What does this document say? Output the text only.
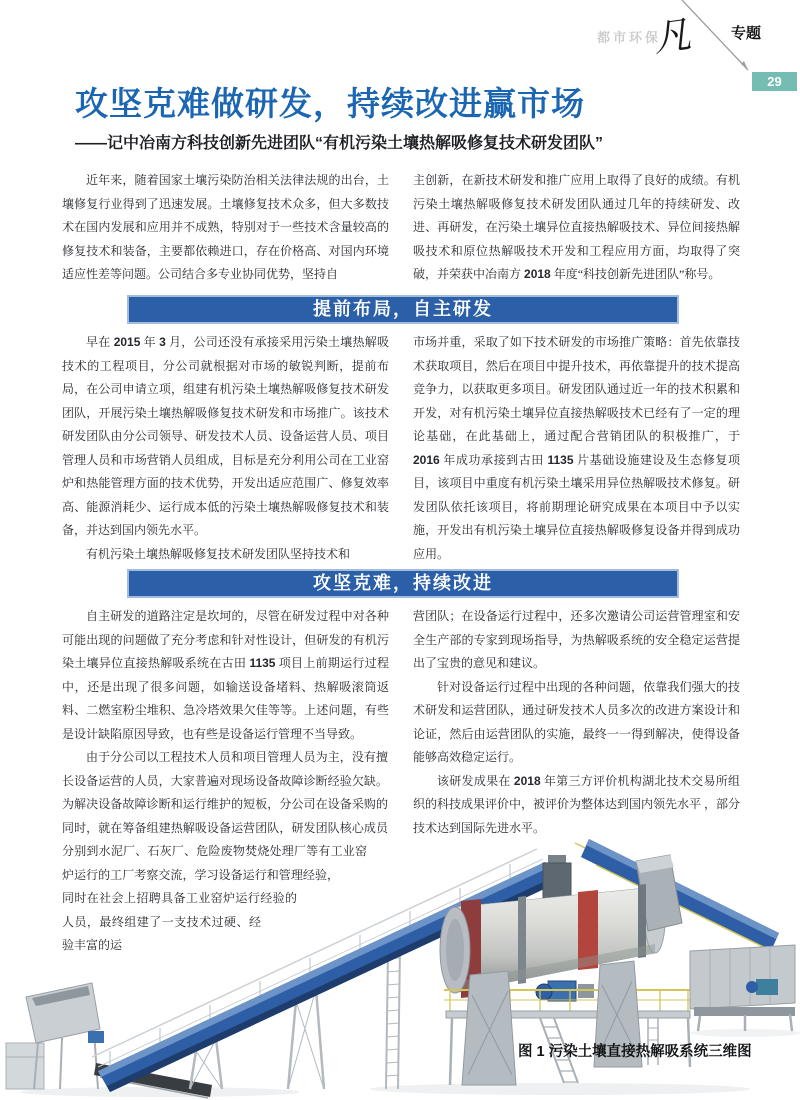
都市环保
凡	专题
29
攻坚克难做研发，持续改进赢市场
——记中冶南方科技创新先进团队“有机污染土壤热解吸修复技术研发团队”

近年来，随着国家土壤污染防治相关法律法规的出台，土壤修复行业得到了迅速发展。土壤修复技术众多，但大多数技术在国内发展和应用并不成熟，特别对于一些技术含量较高的修复技术和装备，主要都依赖进口，存在价格高、对国内环境适应性差等问题。公司结合多专业协同优势，坚持自

主创新，在新技术研发和推广应用上取得了良好的成绩。有机污染土壤热解吸修复技术研发团队通过几年的持续研发、改进、再研发，在污染土壤异位直接热解吸技术、异位间接热解吸技术和原位热解吸技术开发和工程应用方面，均取得了突破，并荣获中冶南方 2018 年度“科技创新先进团队”称号。

提前布局，自主研发

早在 2015 年 3 月，公司还没有承接采用污染土壤热解吸技术的工程项目，分公司就根据对市场的敏锐判断，提前布局，在公司申请立项，组建有机污染土壤热解吸修复技术研发团队，开展污染土壤热解吸修复技术研发和市场推广。该技术研发团队由分公司领导、研发技术人员、设备运营人员、项目管理人员和市场营销人员组成，目标是充分利用公司在工业窑炉和热能管理方面的技术优势，开发出适应范围广、修复效率高、能源消耗少、运行成本低的污染土壤热解吸修复技术和装备，并达到国内领先水平。

有机污染土壤热解吸修复技术研发团队坚持技术和

市场并重，采取了如下技术研发的市场推广策略：首先依靠技术获取项目，然后在项目中提升技术，再依靠提升的技术提高竞争力，以获取更多项目。研发团队通过近一年的技术积累和开发，对有机污染土壤异位直接热解吸技术已经有了一定的理论基础，在此基础上，通过配合营销团队的积极推广，于 2016 年成功承接到古田 1135 片基础设施建设及生态修复项目，该项目中重度有机污染土壤采用异位热解吸技术修复。研发团队依托该项目，将前期理论研究成果在本项目中予以实施，开发出有机污染土壤异位直接热解吸修复设备并得到成功应用。

攻坚克难，持续改进

自主研发的道路注定是坎坷的，尽管在研发过程中对各种可能出现的问题做了充分考虑和针对性设计，但研发的有机污染土壤异位直接热解吸系统在古田 1135 项目上前期运行过程中，还是出现了很多问题，如输送设备堵料、热解吸滚筒返料、二燃室粉尘堆积、急冷塔效果欠佳等等。上述问题，有些是设计缺陷原因导致，也有些是设备运行管理不当导致。

由于分公司以工程技术人员和项目管理人员为主，没有擅长设备运营的人员，大家普遍对现场设备故障诊断经验欠缺。为解决设备故障诊断和运行维护的短板，分公司在设备采购的同时，就在筹备组建热解吸设备运营团队，研发团队核心成员分别到水泥厂、石灰厂、危险废物焚烧处理厂等有工业窑炉运行的工厂考察交流，学习设备运行和管理经验，同时在社会上招聘具备工业窑炉运行经验的人员，最终组建了一支技术过硬、经验丰富的运

营团队；在设备运行过程中，还多次邀请公司运营管理室和安全生产部的专家到现场指导，为热解吸系统的安全稳定运营提出了宝贵的意见和建议。

针对设备运行过程中出现的各种问题，依靠我们强大的技术研发和运营团队，通过研发技术人员多次的改进方案设计和论证，然后由运营团队的实施，最终一一得到解决，使得设备能够高效稳定运行。

该研发成果在 2018 年第三方评价机构湖北技术交易所组织的科技成果评价中，被评价为整体达到国内领先水平 ，部分技术达到国际先进水平。

图 1 污染土壤直接热解吸系统三维图
